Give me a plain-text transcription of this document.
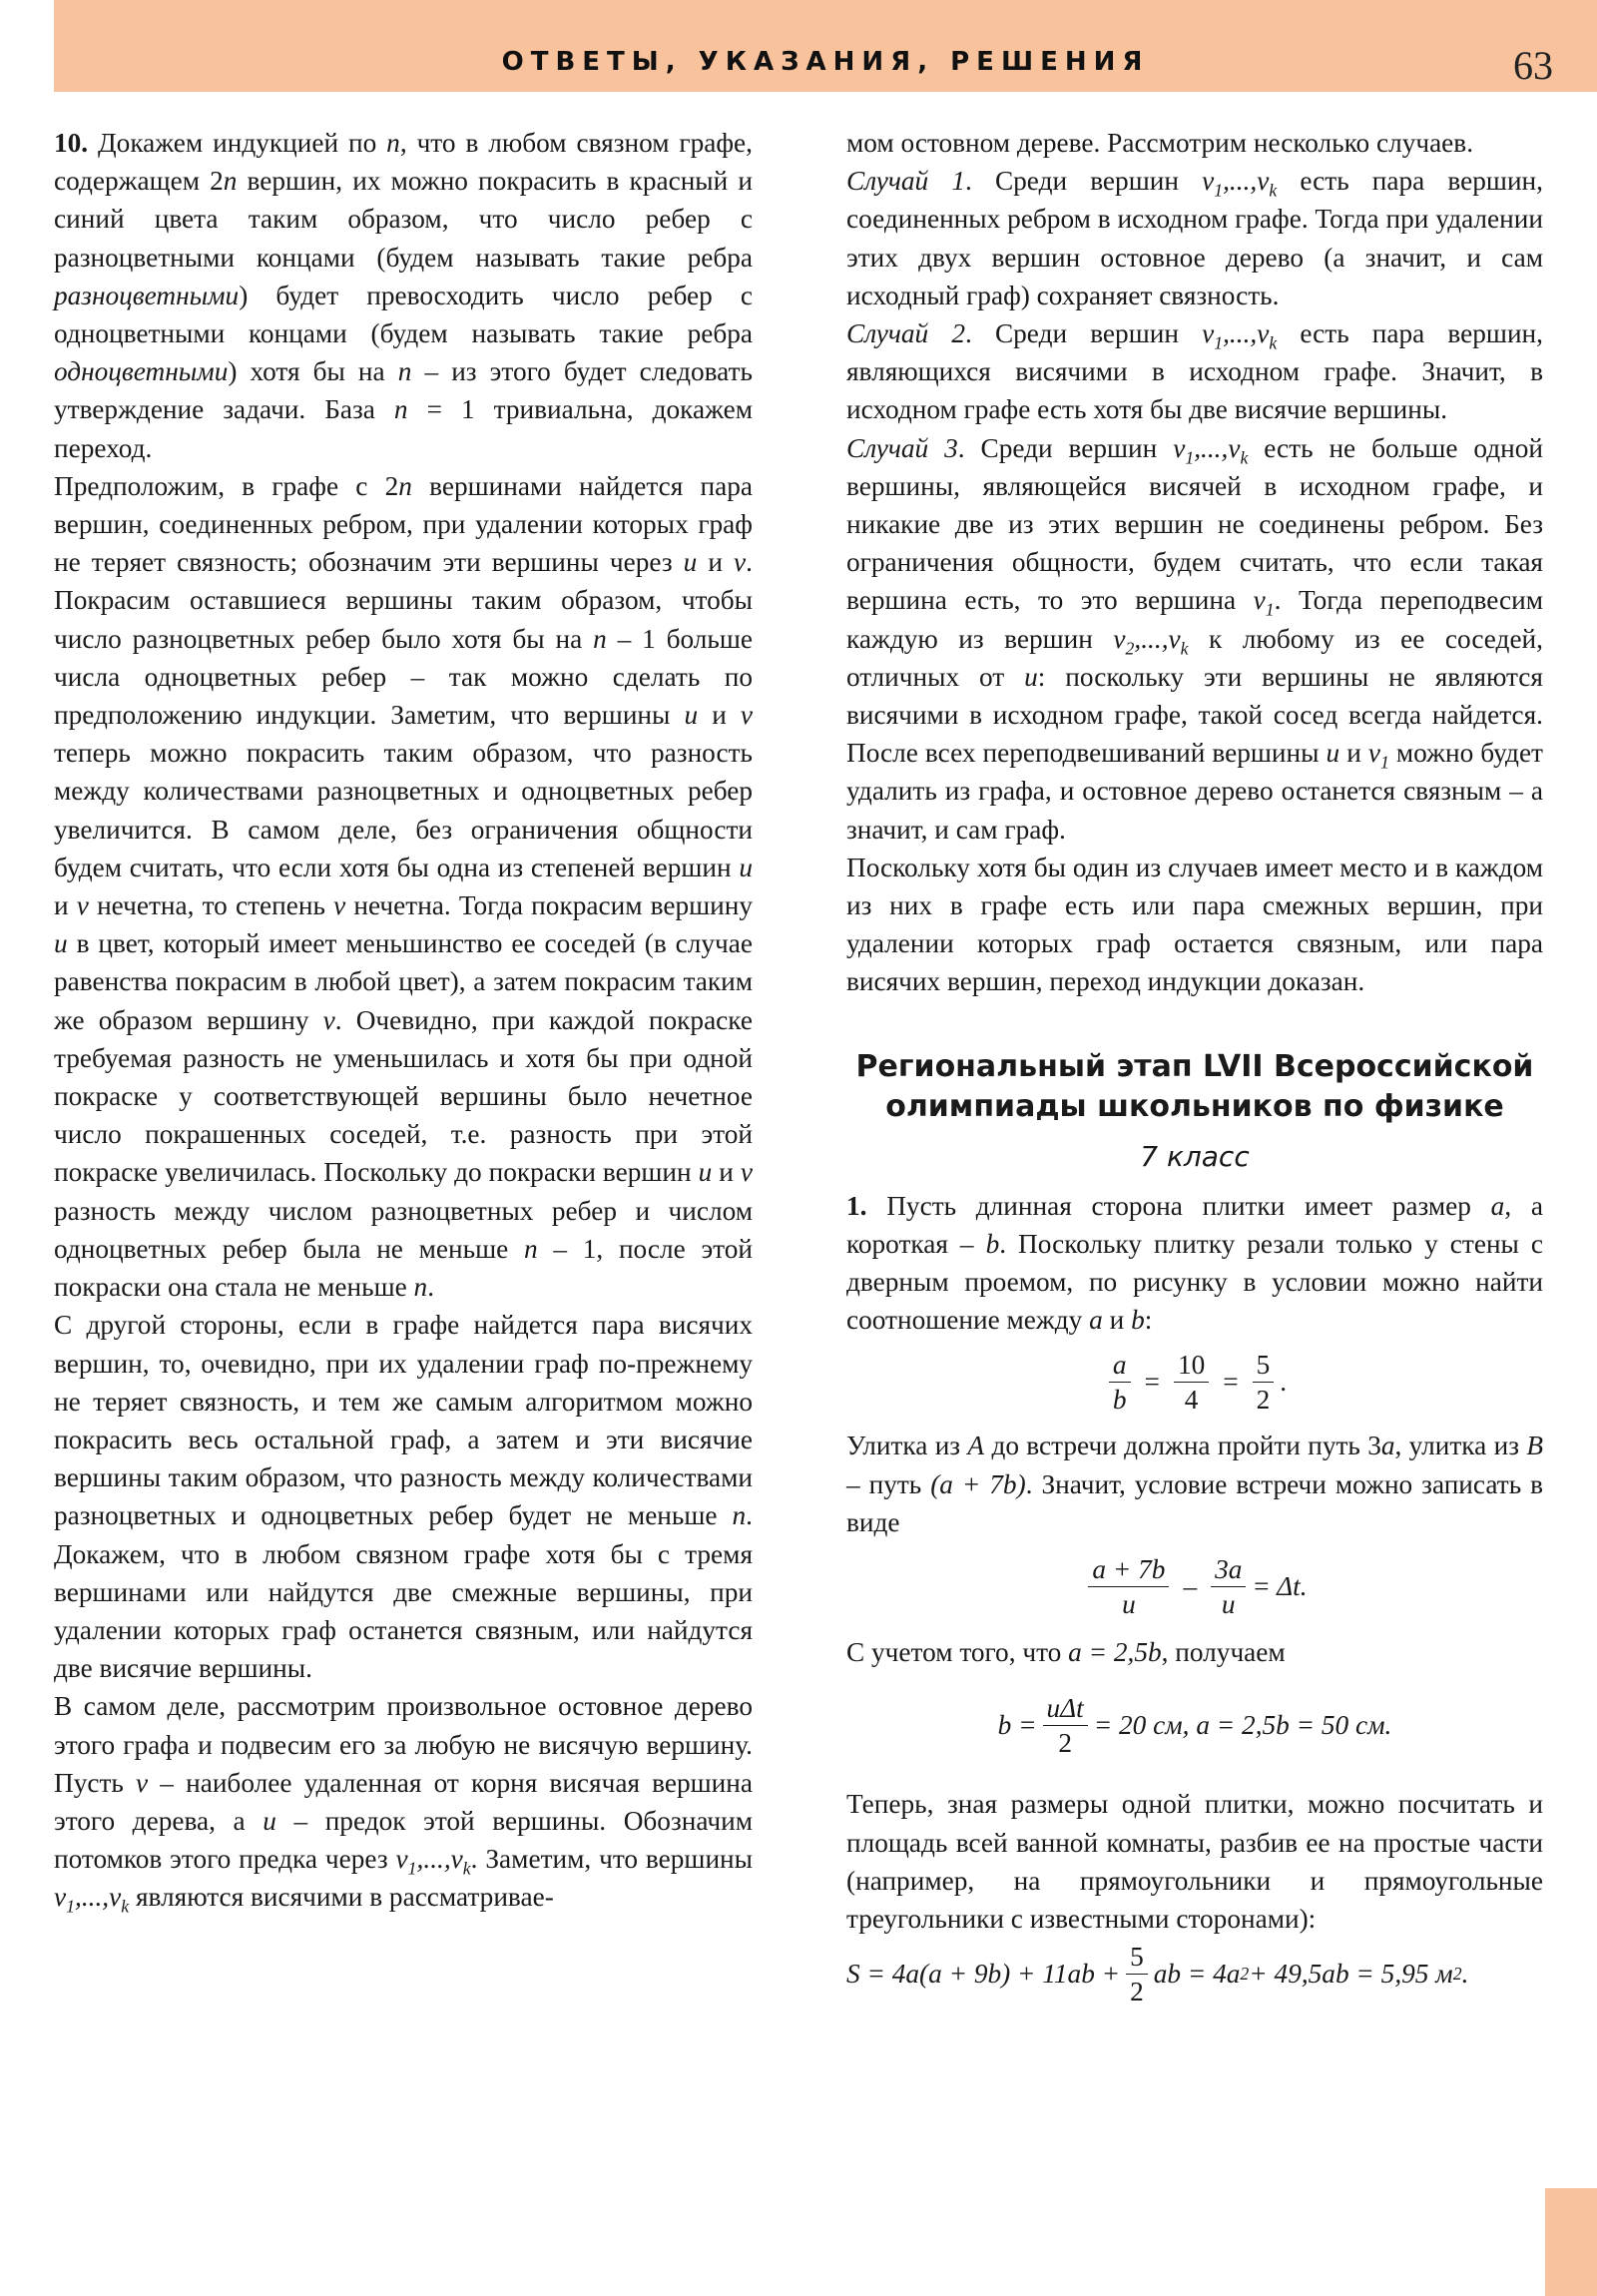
ОТВЕТЫ, УКАЗАНИЯ, РЕШЕНИЯ	63

10. Докажем индукцией по n, что в любом связном графе, содержащем 2n вершин, их можно покрасить в красный и синий цвета таким образом, что число ребер с разноцветными концами (будем называть такие ребра разноцветными) будет превосходить число ребер с одноцветными концами (будем называть такие ребра одноцветными) хотя бы на n – из этого будет следовать утверждение задачи. База n = 1 тривиальна, докажем переход.

Предположим, в графе с 2n вершинами найдется пара вершин, соединенных ребром, при удалении которых граф не теряет связность; обозначим эти вершины через u и v. Покрасим оставшиеся вершины таким образом, чтобы число разноцветных ребер было хотя бы на n – 1 больше числа одноцветных ребер – так можно сделать по предположению индукции. Заметим, что вершины u и v теперь можно покрасить таким образом, что разность между количествами разноцветных и одноцветных ребер увеличится. В самом деле, без ограничения общности будем считать, что если хотя бы одна из степеней вершин u и v нечетна, то степень v нечетна. Тогда покрасим вершину u в цвет, который имеет меньшинство ее соседей (в случае равенства покрасим в любой цвет), а затем покрасим таким же образом вершину v. Очевидно, при каждой покраске требуемая разность не уменьшилась и хотя бы при одной покраске у соответствующей вершины было нечетное число покрашенных соседей, т.е. разность при этой покраске увеличилась. Поскольку до покраски вершин u и v разность между числом разноцветных ребер и числом одноцветных ребер была не меньше n – 1, после этой покраски она стала не меньше n.

С другой стороны, если в графе найдется пара висячих вершин, то, очевидно, при их удалении граф по-прежнему не теряет связность, и тем же самым алгоритмом можно покрасить весь остальной граф, а затем и эти висячие вершины таким образом, что разность между количествами разноцветных и одноцветных ребер будет не меньше n. Докажем, что в любом связном графе хотя бы с тремя вершинами или найдутся две смежные вершины, при удалении которых граф останется связным, или найдутся две висячие вершины.

В самом деле, рассмотрим произвольное остовное дерево этого графа и подвесим его за любую не висячую вершину. Пусть v – наиболее удаленная от корня висячая вершина этого дерева, а u – предок этой вершины. Обозначим потомков этого предка через $v_1,...,v_k$. Заметим, что вершины $v_1,...,v_k$ являются висячими в рассматривае-

мом остовном дереве. Рассмотрим несколько случаев.

Случай 1. Среди вершин $v_1,...,v_k$ есть пара вершин, соединенных ребром в исходном графе. Тогда при удалении этих двух вершин остовное дерево (а значит, и сам исходный граф) сохраняет связность.

Случай 2. Среди вершин $v_1,...,v_k$ есть пара вершин, являющихся висячими в исходном графе. Значит, в исходном графе есть хотя бы две висячие вершины.

Случай 3. Среди вершин $v_1,...,v_k$ есть не больше одной вершины, являющейся висячей в исходном графе, и никакие две из этих вершин не соединены ребром. Без ограничения общности, будем считать, что если такая вершина есть, то это вершина $v_1$. Тогда переподвесим каждую из вершин $v_2,...,v_k$ к любому из ее соседей, отличных от u: поскольку эти вершины не являются висячими в исходном графе, такой сосед всегда найдется. После всех переподвешиваний вершины u и $v_1$ можно будет удалить из графа, и остовное дерево останется связным – а значит, и сам граф.

Поскольку хотя бы один из случаев имеет место и в каждом из них в графе есть или пара смежных вершин, при удалении которых граф остается связным, или пара висячих вершин, переход индукции доказан.

Региональный этап LVII Всероссийской
олимпиады школьников по физике
7 класс

1. Пусть длинная сторона плитки имеет размер a, а короткая – b. Поскольку плитку резали только у стены с дверным проемом, по рисунку в условии можно найти соотношение между a и b:

$\frac{a}{b} = \frac{10}{4} = \frac{5}{2}$ .

Улитка из A до встречи должна пройти путь 3a, улитка из B – путь (a + 7b). Значит, условие встречи можно записать в виде

$\frac{a + 7b}{u} - \frac{3a}{u} = \Delta t$.

С учетом того, что a = 2,5b, получаем

$b = \frac{\text{uΔt}}{2} = 20$ см, a = 2,5b = 50 см.

Теперь, зная размеры одной плитки, можно посчитать и площадь всей ванной комнаты, разбив ее на простые части (например, на прямоугольники и прямоугольные треугольники с известными сторонами):

$S = 4a(a + 9b) + 11ab + \frac{5}{2}$ ab = 4a 2 + 49,5ab = 5,95 м 2 .
